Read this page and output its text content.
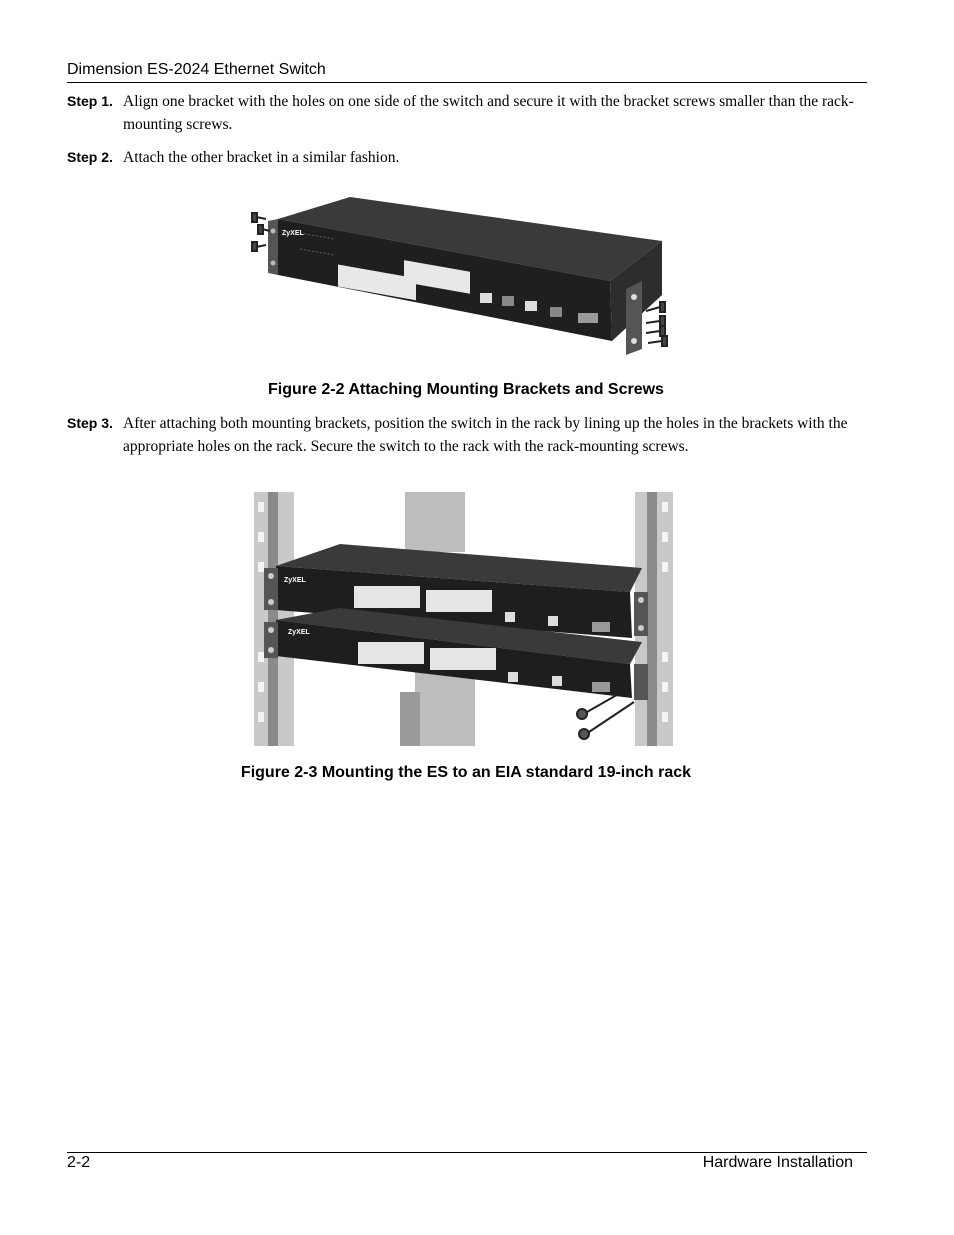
Dimension ES-2024 Ethernet Switch
Step 1. Align one bracket with the holes on one side of the switch and secure it with the bracket screws smaller than the rack-mounting screws.
Step 2. Attach the other bracket in a similar fashion.
ZyXEL
Figure 2-2 Attaching Mounting Brackets and Screws
Step 3. After attaching both mounting brackets, position the switch in the rack by lining up the holes in the brackets with the appropriate holes on the rack. Secure the switch to the rack with the rack-mounting screws.
ZyXEL
ZyXEL
Figure 2-3 Mounting the ES to an EIA standard 19-inch rack
2-2	Hardware Installation
